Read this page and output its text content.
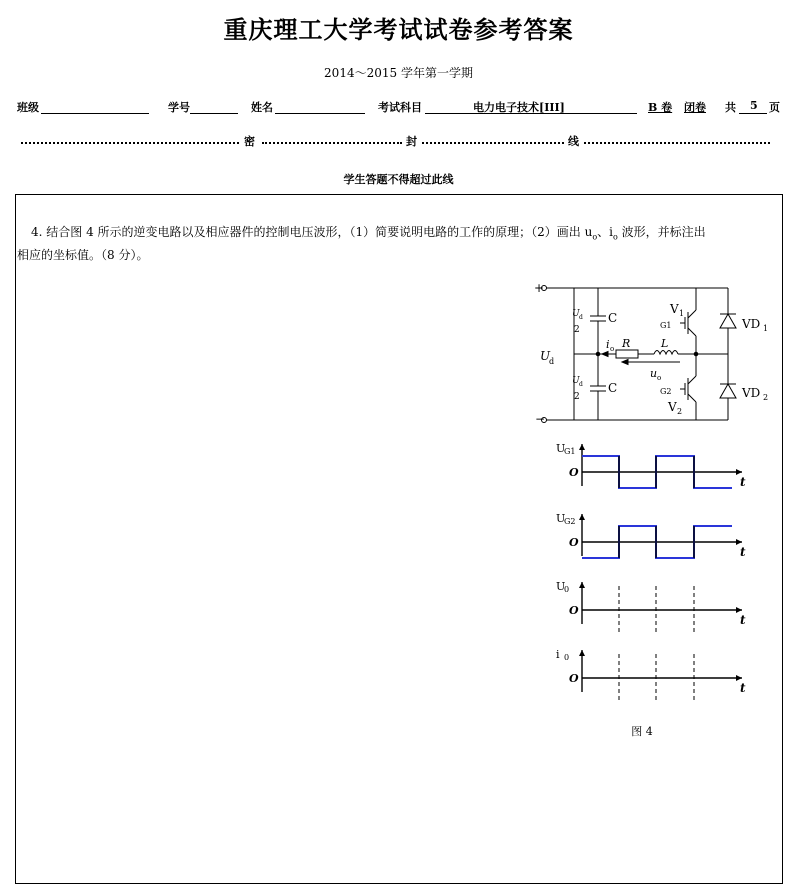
重庆理工大学考试试卷参考答案
2014～2015 学年第一学期
班级	学号	姓名	考试科目	电力电子技术[III]	B 卷 闭卷 共 5 页
密	封	线
学生答题不得超过此线
4. 结合图 4 所示的逆变电路以及相应器件的控制电压波形，（1）简要说明电路的工作的原理；（2）画出 $u_o$、$i_o$ 波形，并标注出
相应的坐标值。（8 分）。
+
−
U
d
C
C
R	L
i o
u o
V 1
V 2
G1
G2
VD 1
VD 2
U d
2
U d
2
U
G1
O
t
U
G2
O
t
U
0
O
t
i 0
O
t
图 4
